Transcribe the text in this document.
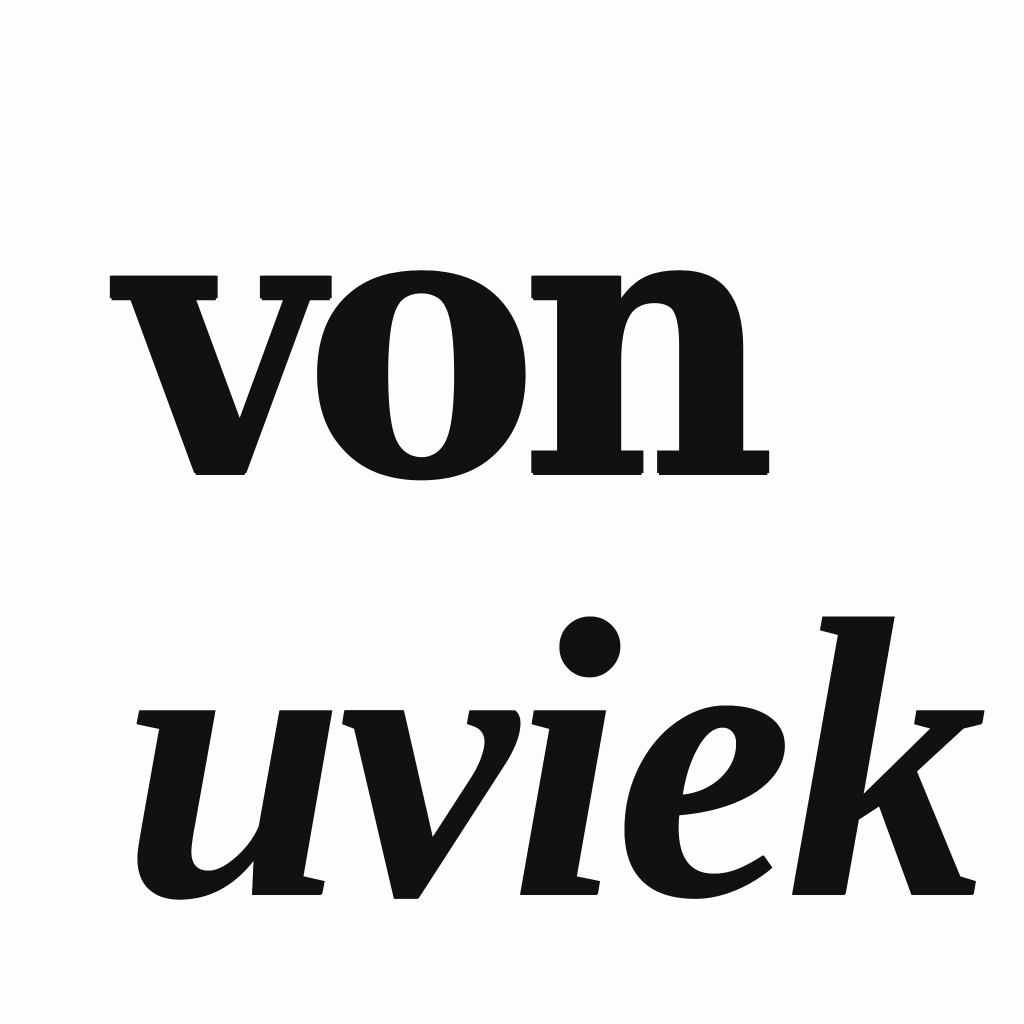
von
uviek
